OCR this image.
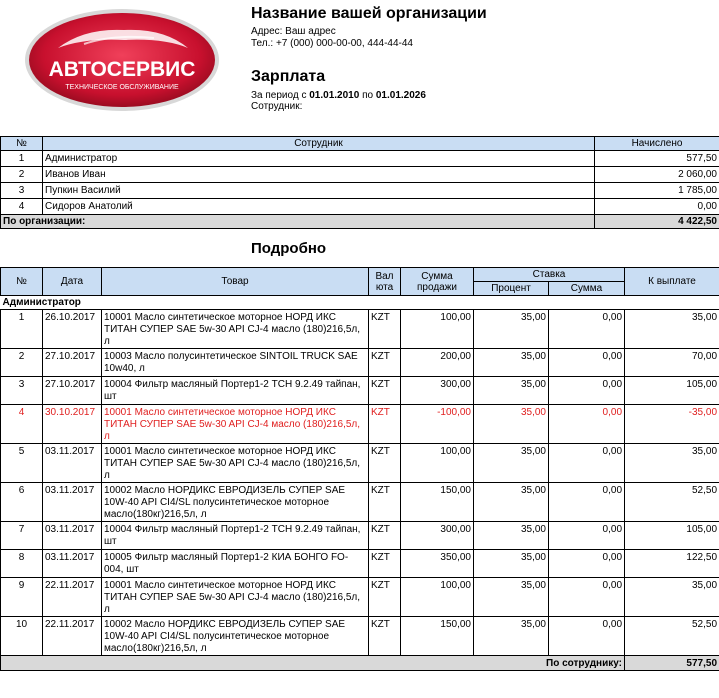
АВТОСЕРВИС
ТЕХНИЧЕСКОЕ ОБСЛУЖИВАНИЕ
Название вашей организации
Адрес: Ваш адрес
Тел.: +7 (000) 000-00-00, 444-44-44
Зарплата
За период с 01.01.2010 по 01.01.2026
Сотрудник:
№	Сотрудник	Начислено
1	Администратор	577,50
2	Иванов Иван	2 060,00
3	Пупкин Василий	1 785,00
4	Сидоров Анатолий	0,00
По организации:		4 422,50
Подробно
№	Дата	Товар	Вал юта	Сумма продажи	Ставка		К выплате
					Процент	Сумма	
Администратор							
1	26.10.2017	10001 Масло синтетическое моторное НОРД ИКС ТИТАН СУПЕР SAE 5w-30 API CJ-4 масло (180)216,5л, л	KZT	100,00	35,00	0,00	35,00
2	27.10.2017	10003 Масло полусинтетическое SINTOIL TRUCK SAE 10w40, л	KZT	200,00	35,00	0,00	70,00
3	27.10.2017	10004 Фильтр масляный Портер1-2 TCH 9.2.49 тайпан, шт	KZT	300,00	35,00	0,00	105,00
4	30.10.2017	10001 Масло синтетическое моторное НОРД ИКС ТИТАН СУПЕР SAE 5w-30 API CJ-4 масло (180)216,5л, л	KZT	-100,00	35,00	0,00	-35,00
5	03.11.2017	10001 Масло синтетическое моторное НОРД ИКС ТИТАН СУПЕР SAE 5w-30 API CJ-4 масло (180)216,5л, л	KZT	100,00	35,00	0,00	35,00
6	03.11.2017	10002 Масло НОРДИКС ЕВРОДИЗЕЛЬ СУПЕР SAE 10W-40 API CI4/SL полусинтетическое моторное масло(180кг)216,5л, л	KZT	150,00	35,00	0,00	52,50
7	03.11.2017	10004 Фильтр масляный Портер1-2 TCH 9.2.49 тайпан, шт	KZT	300,00	35,00	0,00	105,00
8	03.11.2017	10005 Фильтр масляный Портер1-2 КИА БОНГО FO-004, шт	KZT	350,00	35,00	0,00	122,50
9	22.11.2017	10001 Масло синтетическое моторное НОРД ИКС ТИТАН СУПЕР SAE 5w-30 API CJ-4 масло (180)216,5л, л	KZT	100,00	35,00	0,00	35,00
10	22.11.2017	10002 Масло НОРДИКС ЕВРОДИЗЕЛЬ СУПЕР SAE 10W-40 API CI4/SL полусинтетическое моторное масло(180кг)216,5л, л	KZT	150,00	35,00	0,00	52,50
По сотруднику:							577,50
